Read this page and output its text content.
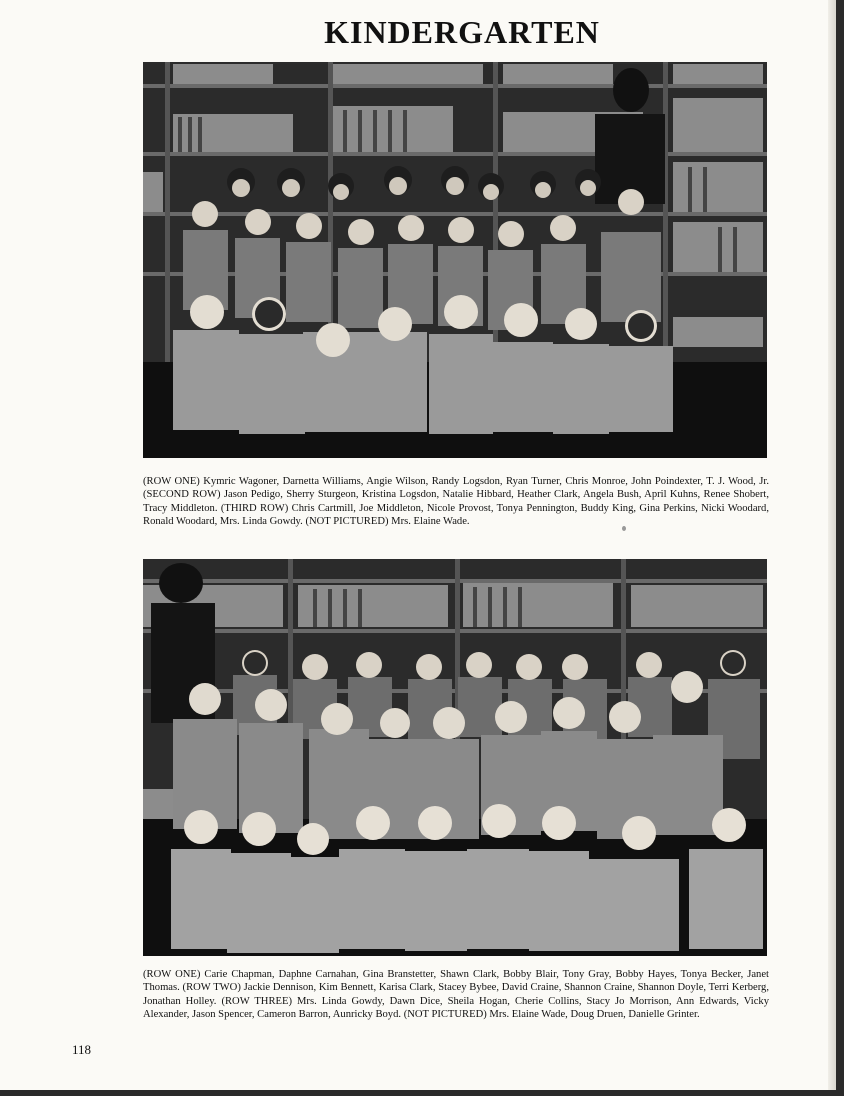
KINDERGARTEN

(ROW ONE) Kymric Wagoner, Darnetta Williams, Angie Wilson, Randy Logsdon, Ryan Turner, Chris Monroe, John Poindexter, T. J. Wood, Jr. (SECOND ROW) Jason Pedigo, Sherry Sturgeon, Kristina Logsdon, Natalie Hibbard, Heather Clark, Angela Bush, April Kuhns, Renee Shobert, Tracy Middleton. (THIRD ROW) Chris Cartmill, Joe Middleton, Nicole Provost, Tonya Pennington, Buddy King, Gina Perkins, Nicki Woodard, Ronald Woodard, Mrs. Linda Gowdy. (NOT PICTURED) Mrs. Elaine Wade.

(ROW ONE) Carie Chapman, Daphne Carnahan, Gina Branstetter, Shawn Clark, Bobby Blair, Tony Gray, Bobby Hayes, Tonya Becker, Janet Thomas. (ROW TWO) Jackie Dennison, Kim Bennett, Karisa Clark, Stacey Bybee, David Craine, Shannon Craine, Shannon Doyle, Terri Kerberg, Jonathan Holley. (ROW THREE) Mrs. Linda Gowdy, Dawn Dice, Sheila Hogan, Cherie Collins, Stacy Jo Morrison, Ann Edwards, Vicky Alexander, Jason Spencer, Cameron Barron, Aunricky Boyd. (NOT PICTURED) Mrs. Elaine Wade, Doug Druen, Danielle Grinter.

118
